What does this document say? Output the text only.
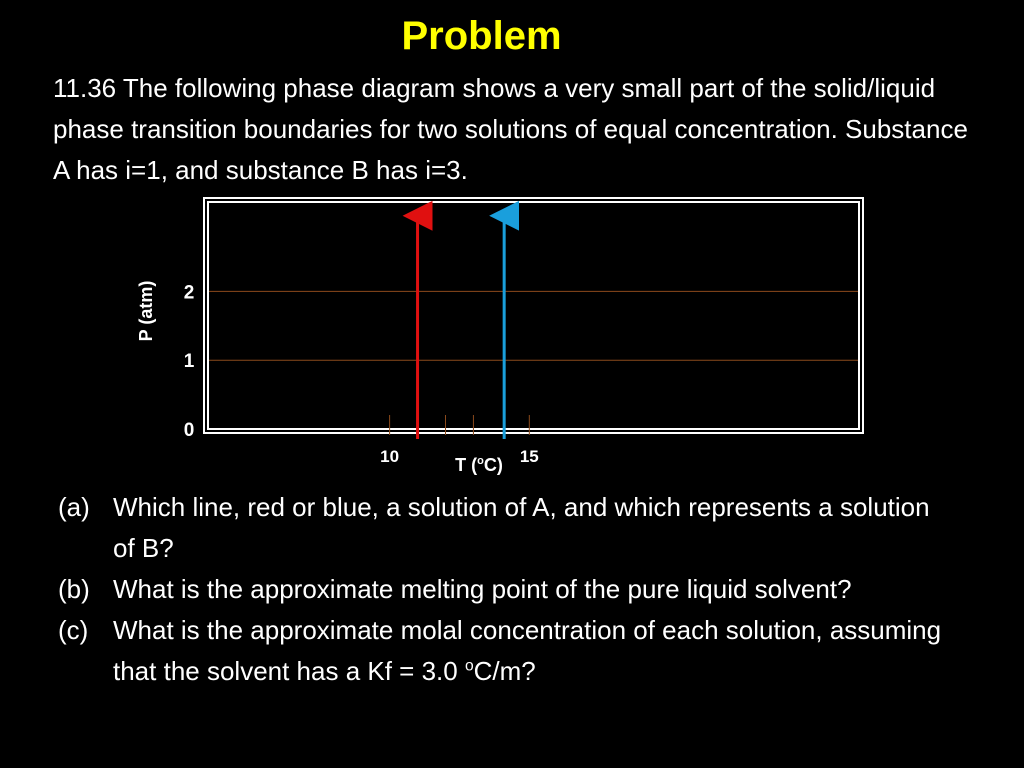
Problem
11.36 The following phase diagram shows a very small part of the solid/liquid phase transition boundaries for two solutions of equal concentration. Substance A has i=1, and substance B has i=3.
0
1
2
10	15
P (atm)
T ($^o$C)
(a) Which line, red or blue, a solution of A, and which represents a solution of B?
(b) What is the approximate melting point of the pure liquid solvent?
(c) What is the approximate molal concentration of each solution, assuming that the solvent has a Kf = 3.0 $^o$C/m?
